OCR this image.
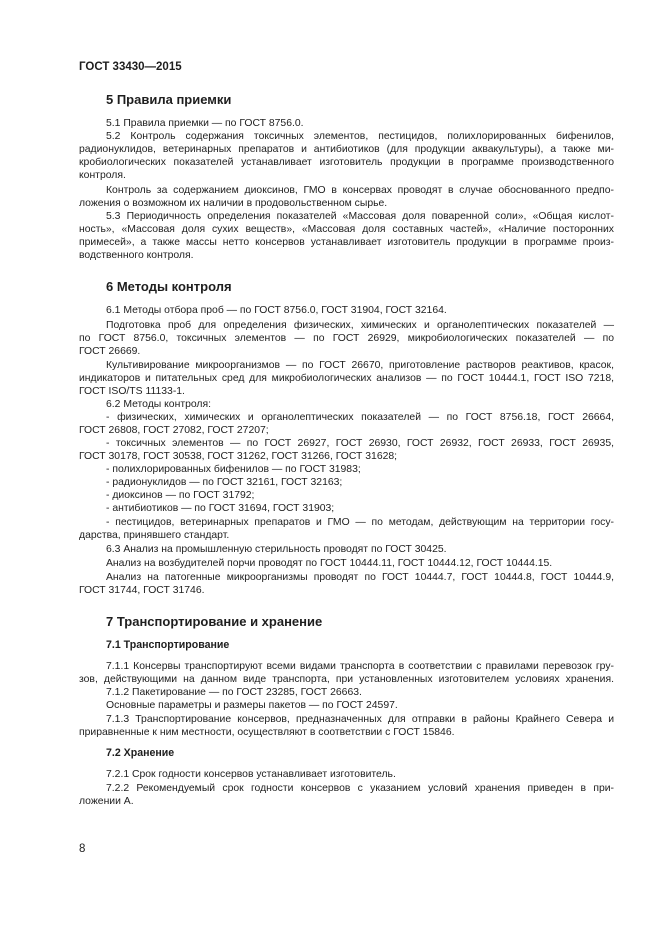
ГОСТ 33430—2015
5 Правила приемки
5.1 Правила приемки — по ГОСТ 8756.0.
5.2 Контроль содержания токсичных элементов, пестицидов, полихлорированных бифенилов,
радионуклидов, ветеринарных препаратов и антибиотиков (для продукции аквакультуры), а также ми-
кробиологических показателей устанавливает изготовитель продукции в программе производственного
контроля.
Контроль за содержанием диоксинов, ГМО в консервах проводят в случае обоснованного предпо-
ложения о возможном их наличии в продовольственном сырье.
5.3 Периодичность определения показателей «Массовая доля поваренной соли», «Общая кислот-
ность», «Массовая доля сухих веществ», «Массовая доля составных частей», «Наличие посторонних
примесей», а также массы нетто консервов устанавливает изготовитель продукции в программе произ-
водственного контроля.
6 Методы контроля
6.1 Методы отбора проб — по ГОСТ 8756.0, ГОСТ 31904, ГОСТ 32164.
Подготовка проб для определения физических, химических и органолептических показателей —
по ГОСТ 8756.0, токсичных элементов — по ГОСТ 26929, микробиологических показателей — по
ГОСТ 26669.
Культивирование микроорганизмов — по ГОСТ 26670, приготовление растворов реактивов, красок,
индикаторов и питательных сред для микробиологических анализов — по ГОСТ 10444.1, ГОСТ ISO 7218,
ГОСТ ISO/TS 11133-1.
6.2 Методы контроля:
- физических, химических и органолептических показателей — по ГОСТ 8756.18, ГОСТ 26664,
ГОСТ 26808, ГОСТ 27082, ГОСТ 27207;
- токсичных элементов — по ГОСТ 26927, ГОСТ 26930, ГОСТ 26932, ГОСТ 26933, ГОСТ 26935,
ГОСТ 30178, ГОСТ 30538, ГОСТ 31262, ГОСТ 31266, ГОСТ 31628;
- полихлорированных бифенилов — по ГОСТ 31983;
- радионуклидов — по ГОСТ 32161, ГОСТ 32163;
- диоксинов — по ГОСТ 31792;
- антибиотиков — по ГОСТ 31694, ГОСТ 31903;
- пестицидов, ветеринарных препаратов и ГМО — по методам, действующим на территории госу-
дарства, принявшего стандарт.
6.3 Анализ на промышленную стерильность проводят по ГОСТ 30425.
Анализ на возбудителей порчи проводят по ГОСТ 10444.11, ГОСТ 10444.12, ГОСТ 10444.15.
Анализ на патогенные микроорганизмы проводят по ГОСТ 10444.7, ГОСТ 10444.8, ГОСТ 10444.9,
ГОСТ 31744, ГОСТ 31746.
7 Транспортирование и хранение
7.1 Транспортирование
7.1.1 Консервы транспортируют всеми видами транспорта в соответствии с правилами перевозок гру-
зов, действующими на данном виде транспорта, при установленных изготовителем условиях хранения.
7.1.2 Пакетирование — по ГОСТ 23285, ГОСТ 26663.
Основные параметры и размеры пакетов — по ГОСТ 24597.
7.1.3 Транспортирование консервов, предназначенных для отправки в районы Крайнего Севера и
приравненные к ним местности, осуществляют в соответствии с ГОСТ 15846.
7.2 Хранение
7.2.1 Срок годности консервов устанавливает изготовитель.
7.2.2 Рекомендуемый срок годности консервов с указанием условий хранения приведен в при-
ложении А.
8
